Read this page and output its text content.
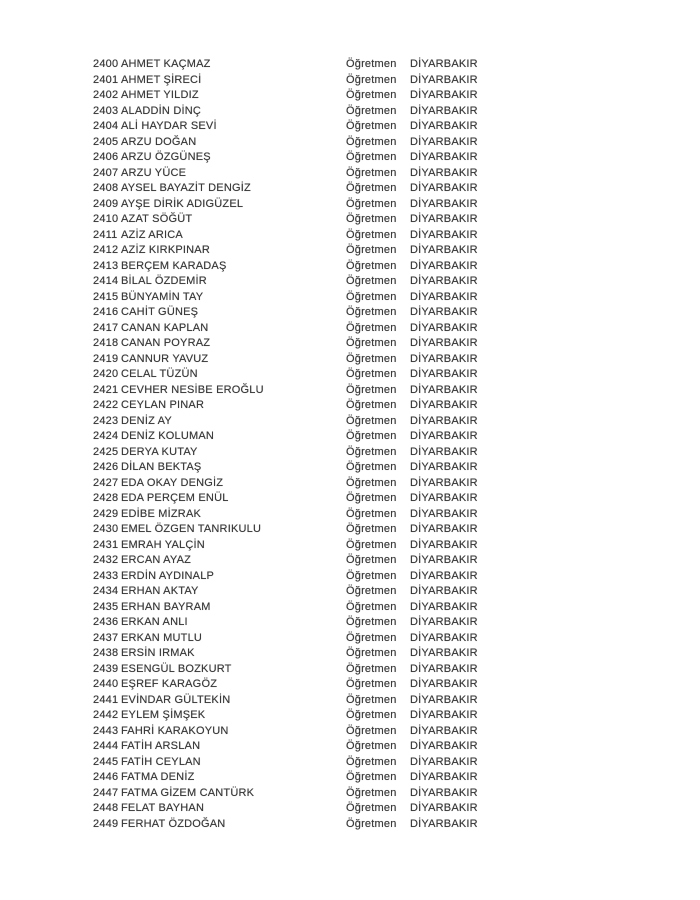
2400 AHMET KAÇMAZ	Öğretmen	DİYARBAKIR
2401 AHMET ŞİRECİ	Öğretmen	DİYARBAKIR
2402 AHMET YILDIZ	Öğretmen	DİYARBAKIR
2403 ALADDİN DİNÇ	Öğretmen	DİYARBAKIR
2404 ALİ HAYDAR SEVİ	Öğretmen	DİYARBAKIR
2405 ARZU DOĞAN	Öğretmen	DİYARBAKIR
2406 ARZU ÖZGÜNEŞ	Öğretmen	DİYARBAKIR
2407 ARZU YÜCE	Öğretmen	DİYARBAKIR
2408 AYSEL BAYAZİT DENGİZ	Öğretmen	DİYARBAKIR
2409 AYŞE DİRİK ADIGÜZEL	Öğretmen	DİYARBAKIR
2410 AZAT SÖĞÜT	Öğretmen	DİYARBAKIR
2411 AZİZ ARICA	Öğretmen	DİYARBAKIR
2412 AZİZ KIRKPINAR	Öğretmen	DİYARBAKIR
2413 BERÇEM KARADAŞ	Öğretmen	DİYARBAKIR
2414 BİLAL ÖZDEMİR	Öğretmen	DİYARBAKIR
2415 BÜNYAMİN TAY	Öğretmen	DİYARBAKIR
2416 CAHİT GÜNEŞ	Öğretmen	DİYARBAKIR
2417 CANAN KAPLAN	Öğretmen	DİYARBAKIR
2418 CANAN POYRAZ	Öğretmen	DİYARBAKIR
2419 CANNUR YAVUZ	Öğretmen	DİYARBAKIR
2420 CELAL TÜZÜN	Öğretmen	DİYARBAKIR
2421 CEVHER NESİBE EROĞLU	Öğretmen	DİYARBAKIR
2422 CEYLAN PINAR	Öğretmen	DİYARBAKIR
2423 DENİZ AY	Öğretmen	DİYARBAKIR
2424 DENİZ KOLUMAN	Öğretmen	DİYARBAKIR
2425 DERYA KUTAY	Öğretmen	DİYARBAKIR
2426 DİLAN BEKTAŞ	Öğretmen	DİYARBAKIR
2427 EDA OKAY DENGİZ	Öğretmen	DİYARBAKIR
2428 EDA PERÇEM ENÜL	Öğretmen	DİYARBAKIR
2429 EDİBE MİZRAK	Öğretmen	DİYARBAKIR
2430 EMEL ÖZGEN TANRIKULU	Öğretmen	DİYARBAKIR
2431 EMRAH YALÇİN	Öğretmen	DİYARBAKIR
2432 ERCAN AYAZ	Öğretmen	DİYARBAKIR
2433 ERDİN AYDINALP	Öğretmen	DİYARBAKIR
2434 ERHAN AKTAY	Öğretmen	DİYARBAKIR
2435 ERHAN BAYRAM	Öğretmen	DİYARBAKIR
2436 ERKAN ANLI	Öğretmen	DİYARBAKIR
2437 ERKAN MUTLU	Öğretmen	DİYARBAKIR
2438 ERSİN IRMAK	Öğretmen	DİYARBAKIR
2439 ESENGÜL BOZKURT	Öğretmen	DİYARBAKIR
2440 EŞREF KARAGÖZ	Öğretmen	DİYARBAKIR
2441 EVİNDAR GÜLTEKİN	Öğretmen	DİYARBAKIR
2442 EYLEM ŞİMŞEK	Öğretmen	DİYARBAKIR
2443 FAHRİ KARAKOYUN	Öğretmen	DİYARBAKIR
2444 FATİH ARSLAN	Öğretmen	DİYARBAKIR
2445 FATİH CEYLAN	Öğretmen	DİYARBAKIR
2446 FATMA DENİZ	Öğretmen	DİYARBAKIR
2447 FATMA GİZEM CANTÜRK	Öğretmen	DİYARBAKIR
2448 FELAT BAYHAN	Öğretmen	DİYARBAKIR
2449 FERHAT ÖZDOĞAN	Öğretmen	DİYARBAKIR
